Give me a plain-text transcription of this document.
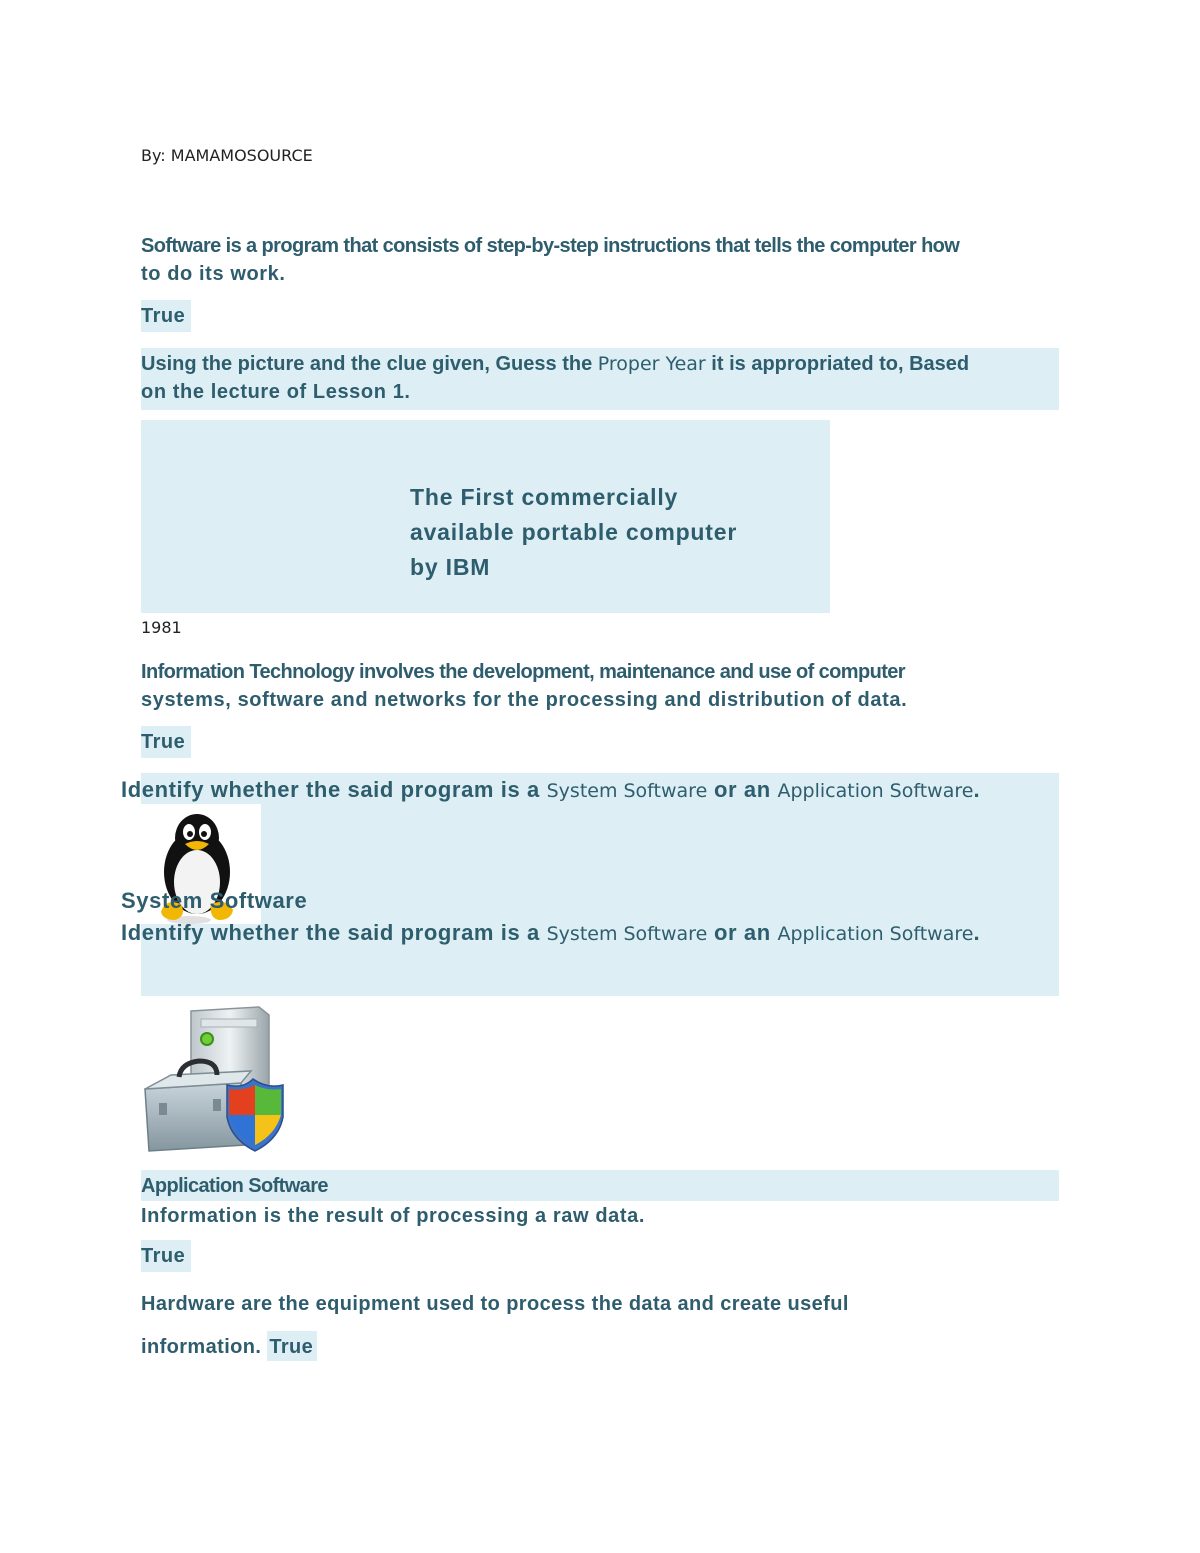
By: MAMAMOSOURCE
Software is a program that consists of step-by-step instructions that tells the computer how
to do its work.
True
Using the picture and the clue given, Guess the Proper Year it is appropriated to, Based
on the lecture of Lesson 1.
The First commercially
available portable computer
by IBM
1981
Information Technology involves the development, maintenance and use of computer
systems, software and networks for the processing and distribution of data.
True
Identify whether the said program is a System Software or an Application Software.
System Software
Identify whether the said program is a System Software or an Application Software.
Application Software
Information is the result of processing a raw data.
True
Hardware are the equipment used to process the data and create useful
information. True
